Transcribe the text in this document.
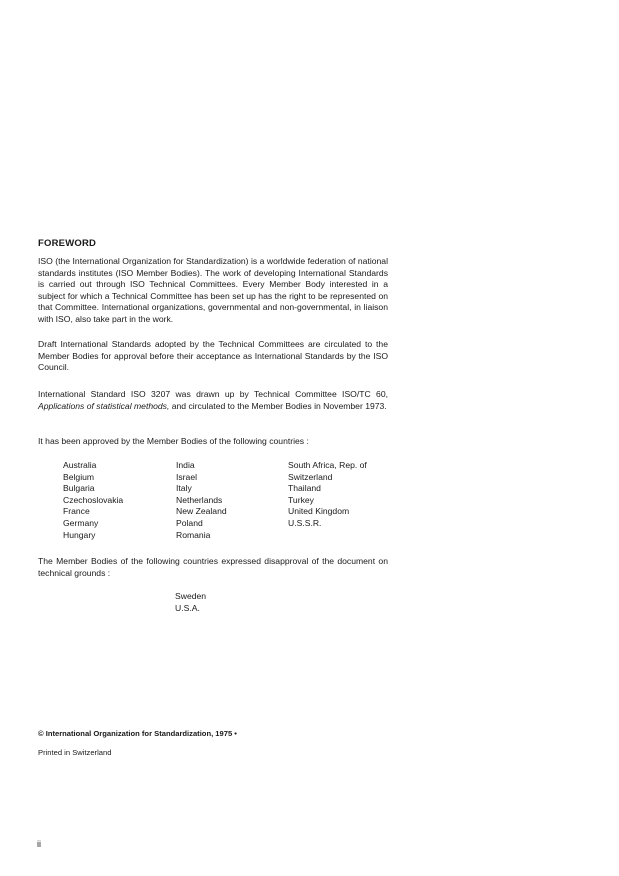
FOREWORD
ISO (the International Organization for Standardization) is a worldwide federation of national standards institutes (ISO Member Bodies). The work of developing International Standards is carried out through ISO Technical Committees. Every Member Body interested in a subject for which a Technical Committee has been set up has the right to be represented on that Committee. International organizations, governmental and non-governmental, in liaison with ISO, also take part in the work.
Draft International Standards adopted by the Technical Committees are circulated to the Member Bodies for approval before their acceptance as International Standards by the ISO Council.
International Standard ISO 3207 was drawn up by Technical Committee ISO/TC 60, Applications of statistical methods, and circulated to the Member Bodies in November 1973.
It has been approved by the Member Bodies of the following countries :
Australia
Belgium
Bulgaria
Czechoslovakia
France
Germany
Hungary
India
Israel
Italy
Netherlands
New Zealand
Poland
Romania
South Africa, Rep. of
Switzerland
Thailand
Turkey
United Kingdom
U.S.S.R.
The Member Bodies of the following countries expressed disapproval of the document on technical grounds :
Sweden
U.S.A.
© International Organization for Standardization, 1975 •
Printed in Switzerland
ii
